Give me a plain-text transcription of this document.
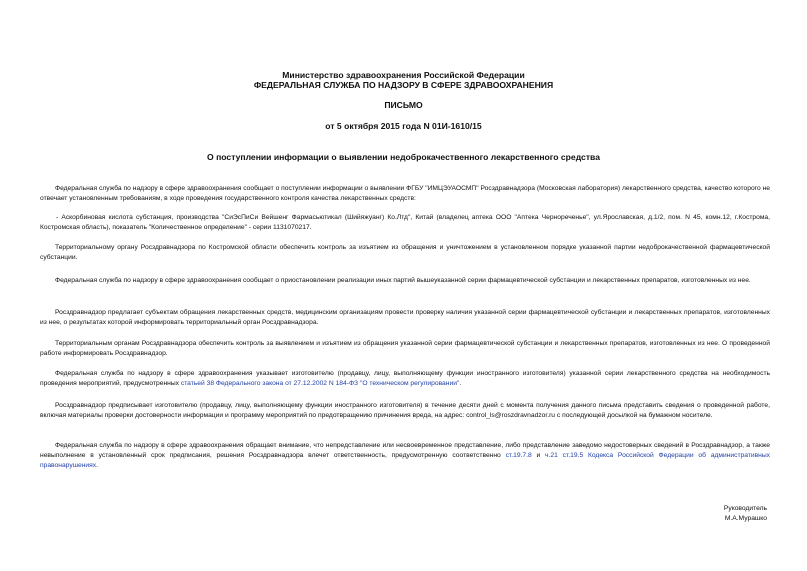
Министерство здравоохранения Российской Федерации
ФЕДЕРАЛЬНАЯ СЛУЖБА ПО НАДЗОРУ В СФЕРЕ ЗДРАВООХРАНЕНИЯ
ПИСЬМО
от 5 октября 2015 года N 01И-1610/15
О поступлении информации о выявлении недоброкачественного лекарственного средства
Федеральная служба по надзору в сфере здравоохранения сообщает о поступлении информации о выявлении ФГБУ "ИМЦЭУАОСМП" Росздравнадзора (Московская лаборатория) лекарственного средства, качество которого не отвечает установленным требованиям, в ходе проведения государственного контроля качества лекарственных средств:
- Аскорбиновая кислота субстанция, производства "СиЭсПиСи Вейшенг Фармасьютикал (Шийяжуанг) Ко.Лтд", Китай (владелец аптека ООО "Аптека Чернореченье", ул.Ярославская, д.1/2, пом. N 45, комн.12, г.Кострома, Костромская область), показатель "Количественное определение" - серии 1131070217.
Территориальному органу Росздравнадзора по Костромской области обеспечить контроль за изъятием из обращения и уничтожением в установленном порядке указанной партии недоброкачественной фармацевтической субстанции.
Федеральная служба по надзору в сфере здравоохранения сообщает о приостановлении реализации иных партий вышеуказанной серии фармацевтической субстанции и лекарственных препаратов, изготовленных из нее.
Росздравнадзор предлагает субъектам обращения лекарственных средств, медицинским организациям провести проверку наличия указанной серии фармацевтической субстанции и лекарственных препаратов, изготовленных из нее, о результатах которой информировать территориальный орган Росздравнадзора.
Территориальным органам Росздравнадзора обеспечить контроль за выявлением и изъятием из обращения указанной серии фармацевтической субстанции и лекарственных препаратов, изготовленных из нее. О проведенной работе информировать Росздравнадзор.
Федеральная служба по надзору в сфере здравоохранения указывает изготовителю (продавцу, лицу, выполняющему функции иностранного изготовителя) указанной серии лекарственного средства на необходимость проведения мероприятий, предусмотренных статьей 38 Федерального закона от 27.12.2002 N 184-ФЗ "О техническом регулировании".
Росздравнадзор предписывает изготовителю (продавцу, лицу, выполняющему функции иностранного изготовителя) в течение десяти дней с момента получения данного письма представить сведения о проведенной работе, включая материалы проверки достоверности информации и программу мероприятий по предотвращению причинения вреда, на адрес: control_ls@roszdravnadzor.ru с последующей досылкой на бумажном носителе.
Федеральная служба по надзору в сфере здравоохранения обращает внимание, что непредставление или несвоевременное представление, либо представление заведомо недостоверных сведений в Росздравнадзор, а также невыполнение в установленный срок предписания, решения Росздравнадзора влечет ответственность, предусмотренную соответственно ст.19.7.8 и ч.21 ст.19.5 Кодекса Российской Федерации об административных правонарушениях.
Руководитель
М.А.Мурашко
